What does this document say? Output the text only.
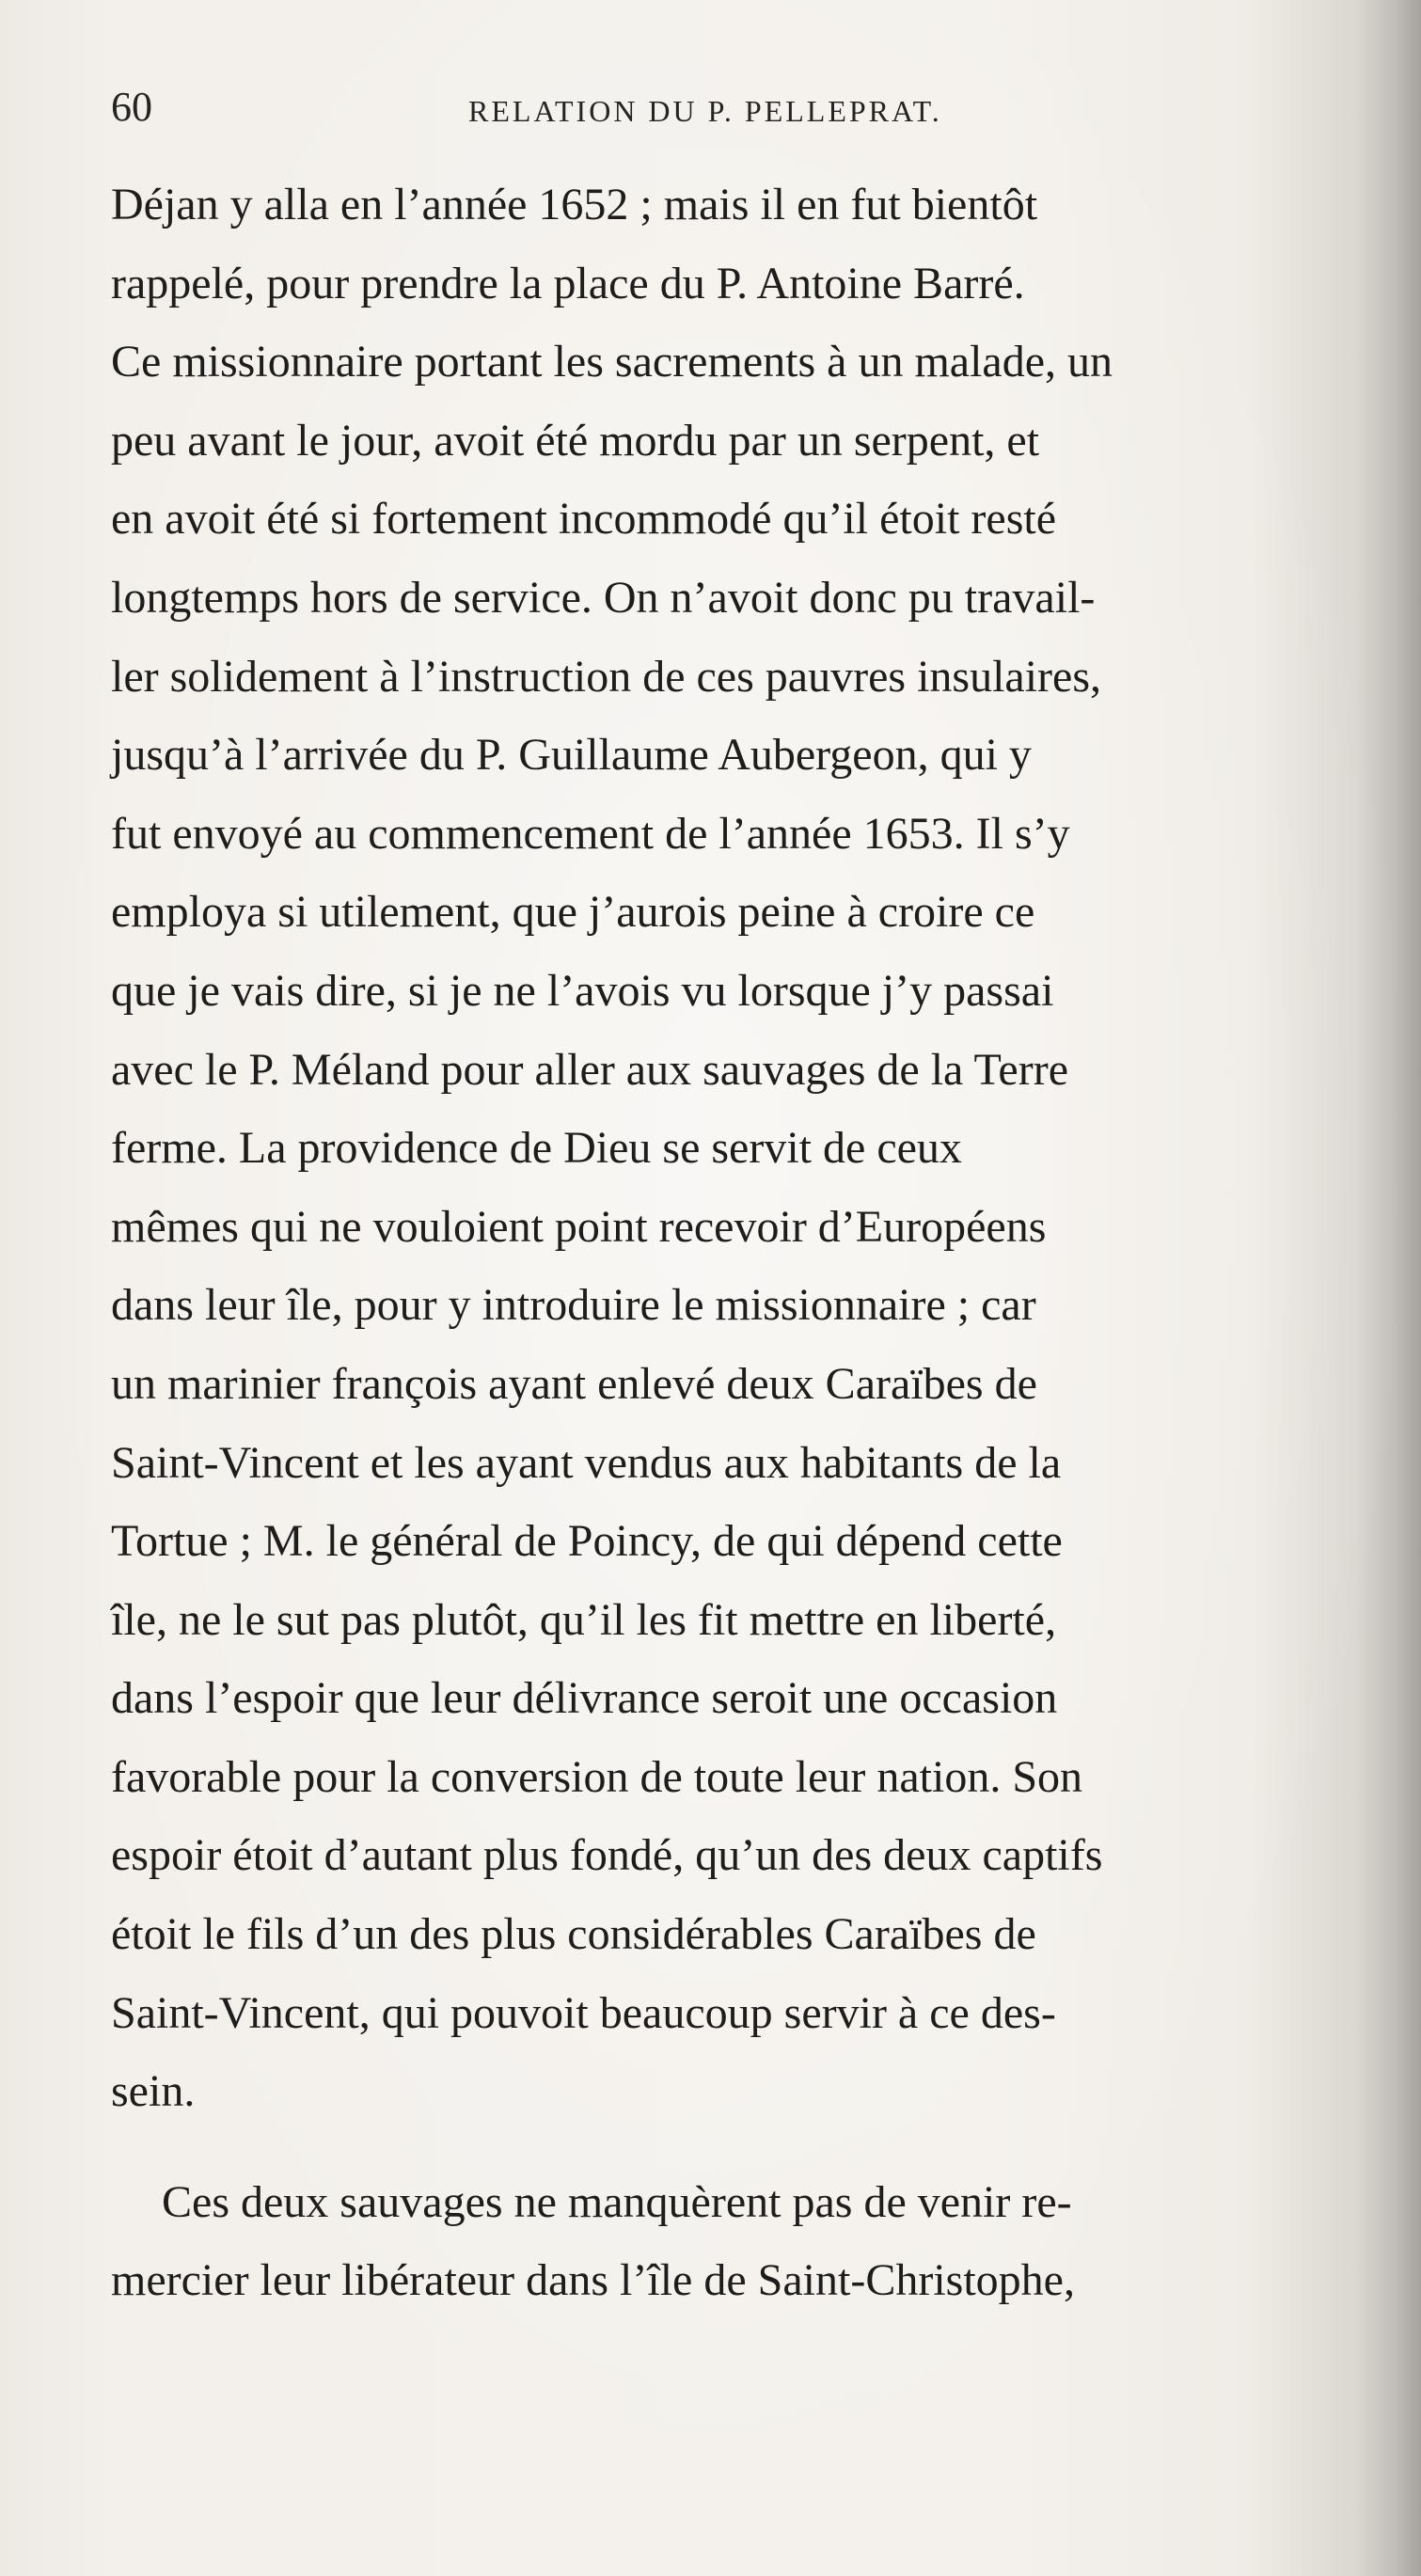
60	RELATION DU P. PELLEPRAT.
Déjan y alla en l’année 1652 ; mais il en fut bientôt
rappelé, pour prendre la place du P. Antoine Barré.
Ce missionnaire portant les sacrements à un malade, un
peu avant le jour, avoit été mordu par un serpent, et
en avoit été si fortement incommodé qu’il étoit resté
longtemps hors de service. On n’avoit donc pu travail-
ler solidement à l’instruction de ces pauvres insulaires,
jusqu’à l’arrivée du P. Guillaume Aubergeon, qui y
fut envoyé au commencement de l’année 1653. Il s’y
employa si utilement, que j’aurois peine à croire ce
que je vais dire, si je ne l’avois vu lorsque j’y passai
avec le P. Méland pour aller aux sauvages de la Terre
ferme. La providence de Dieu se servit de ceux
mêmes qui ne vouloient point recevoir d’Européens
dans leur île, pour y introduire le missionnaire ; car
un marinier françois ayant enlevé deux Caraïbes de
Saint-Vincent et les ayant vendus aux habitants de la
Tortue ; M. le général de Poincy, de qui dépend cette
île, ne le sut pas plutôt, qu’il les fit mettre en liberté,
dans l’espoir que leur délivrance seroit une occasion
favorable pour la conversion de toute leur nation. Son
espoir étoit d’autant plus fondé, qu’un des deux captifs
étoit le fils d’un des plus considérables Caraïbes de
Saint-Vincent, qui pouvoit beaucoup servir à ce des-
sein.
Ces deux sauvages ne manquèrent pas de venir re-
mercier leur libérateur dans l’île de Saint-Christophe,
